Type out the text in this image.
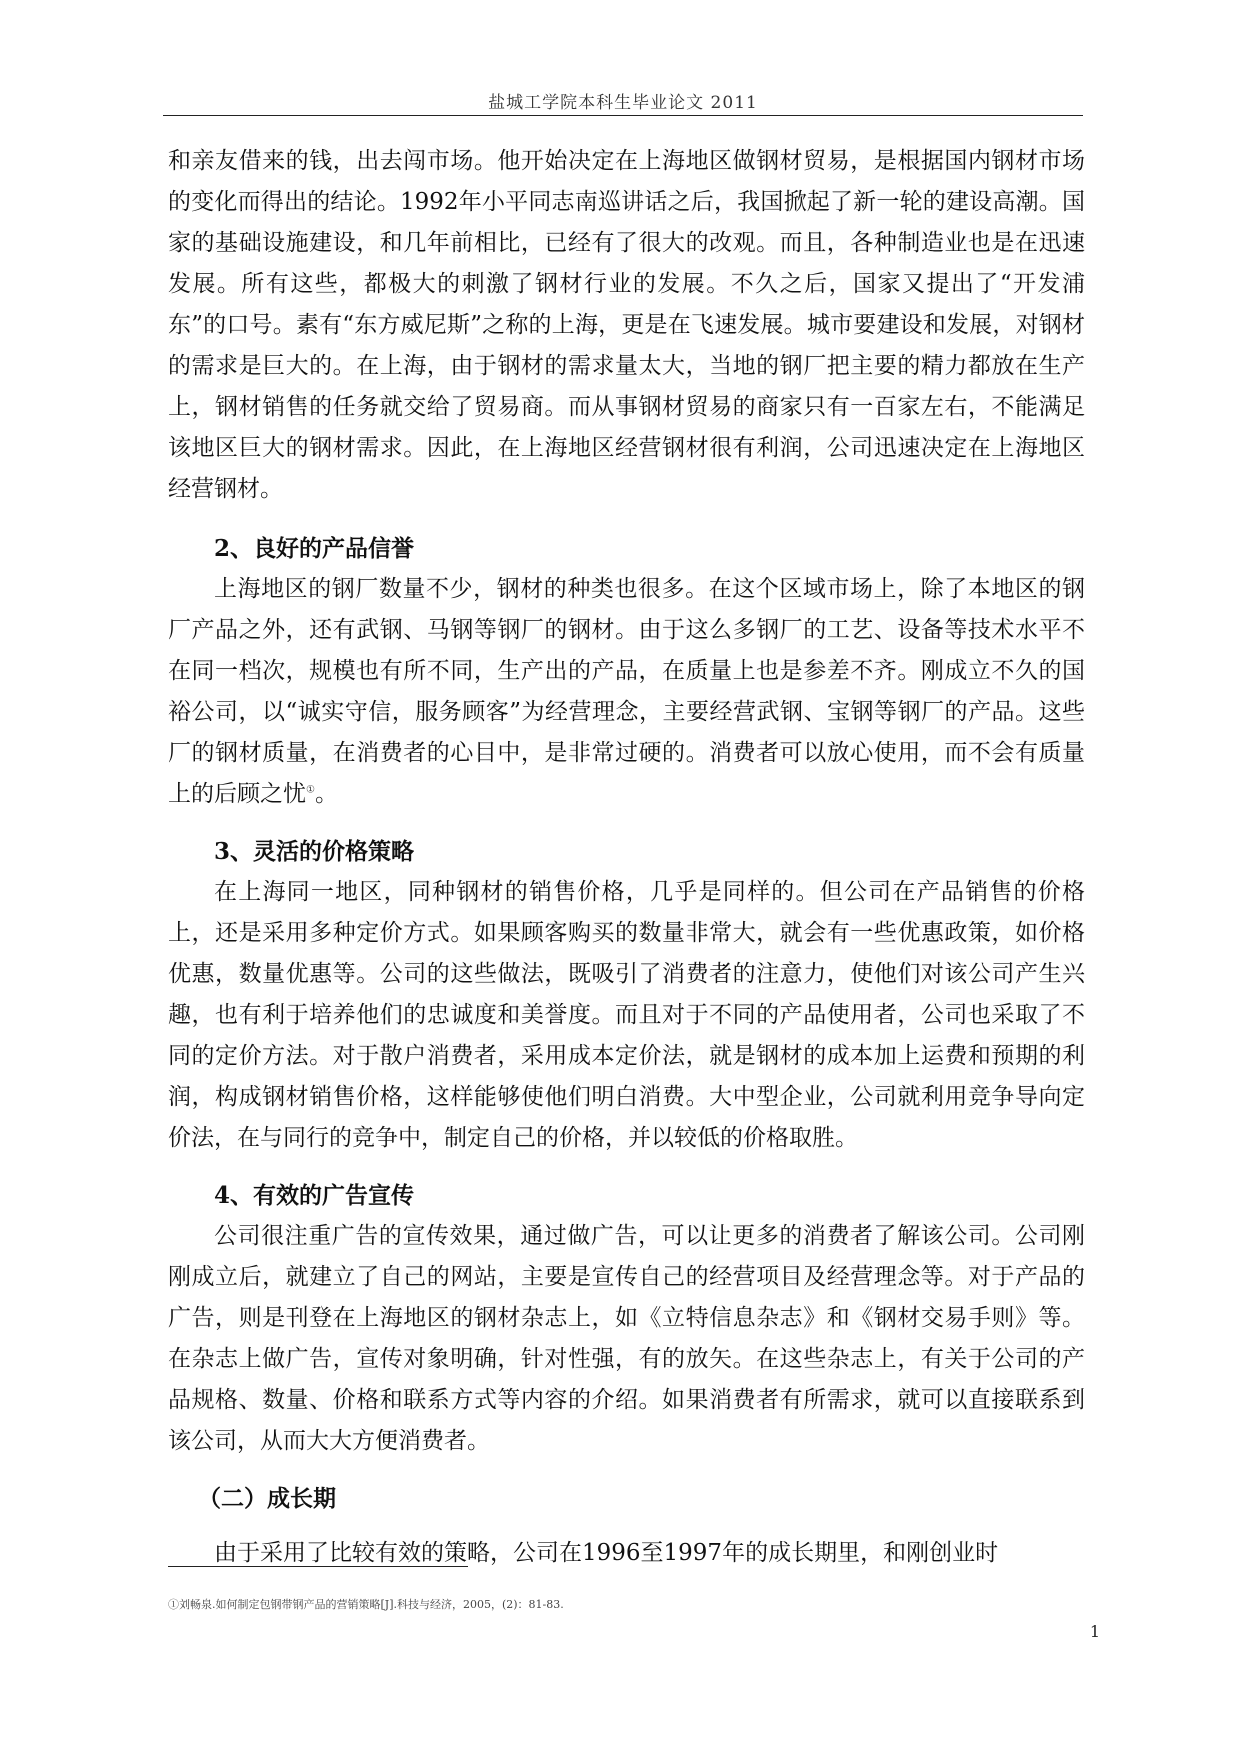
盐城工学院本科生毕业论文 2011

和亲友借来的钱，出去闯市场。他开始决定在上海地区做钢材贸易，是根据国内钢材市场的变化而得出的结论。1992年小平同志南巡讲话之后，我国掀起了新一轮的建设高潮。国家的基础设施建设，和几年前相比，已经有了很大的改观。而且，各种制造业也是在迅速发展。所有这些，都极大的刺激了钢材行业的发展。不久之后，国家又提出了“开发浦东”的口号。素有“东方威尼斯”之称的上海，更是在飞速发展。城市要建设和发展，对钢材的需求是巨大的。在上海，由于钢材的需求量太大，当地的钢厂把主要的精力都放在生产上，钢材销售的任务就交给了贸易商。而从事钢材贸易的商家只有一百家左右，不能满足该地区巨大的钢材需求。因此，在上海地区经营钢材很有利润，公司迅速决定在上海地区经营钢材。

2、良好的产品信誉

上海地区的钢厂数量不少，钢材的种类也很多。在这个区域市场上，除了本地区的钢厂产品之外，还有武钢、马钢等钢厂的钢材。由于这么多钢厂的工艺、设备等技术水平不在同一档次，规模也有所不同，生产出的产品，在质量上也是参差不齐。刚成立不久的国裕公司，以“诚实守信，服务顾客”为经营理念，主要经营武钢、宝钢等钢厂的产品。这些厂的钢材质量，在消费者的心目中，是非常过硬的。消费者可以放心使用，而不会有质量上的后顾之忧①。

3、灵活的价格策略

在上海同一地区，同种钢材的销售价格，几乎是同样的。但公司在产品销售的价格上，还是采用多种定价方式。如果顾客购买的数量非常大，就会有一些优惠政策，如价格优惠，数量优惠等。公司的这些做法，既吸引了消费者的注意力，使他们对该公司产生兴趣，也有利于培养他们的忠诚度和美誉度。而且对于不同的产品使用者，公司也采取了不同的定价方法。对于散户消费者，采用成本定价法，就是钢材的成本加上运费和预期的利润，构成钢材销售价格，这样能够使他们明白消费。大中型企业，公司就利用竞争导向定价法，在与同行的竞争中，制定自己的价格，并以较低的价格取胜。

4、有效的广告宣传

公司很注重广告的宣传效果，通过做广告，可以让更多的消费者了解该公司。公司刚刚成立后，就建立了自己的网站，主要是宣传自己的经营项目及经营理念等。对于产品的广告，则是刊登在上海地区的钢材杂志上，如《立特信息杂志》和《钢材交易手则》等。在杂志上做广告，宣传对象明确，针对性强，有的放矢。在这些杂志上，有关于公司的产品规格、数量、价格和联系方式等内容的介绍。如果消费者有所需求，就可以直接联系到该公司，从而大大方便消费者。

（二）成长期

由于采用了比较有效的策略，公司在1996至1997年的成长期里，和刚创业时

①刘畅泉.如何制定包钢带钢产品的营销策略[J].科技与经济，2005，(2)：81-83.
1
